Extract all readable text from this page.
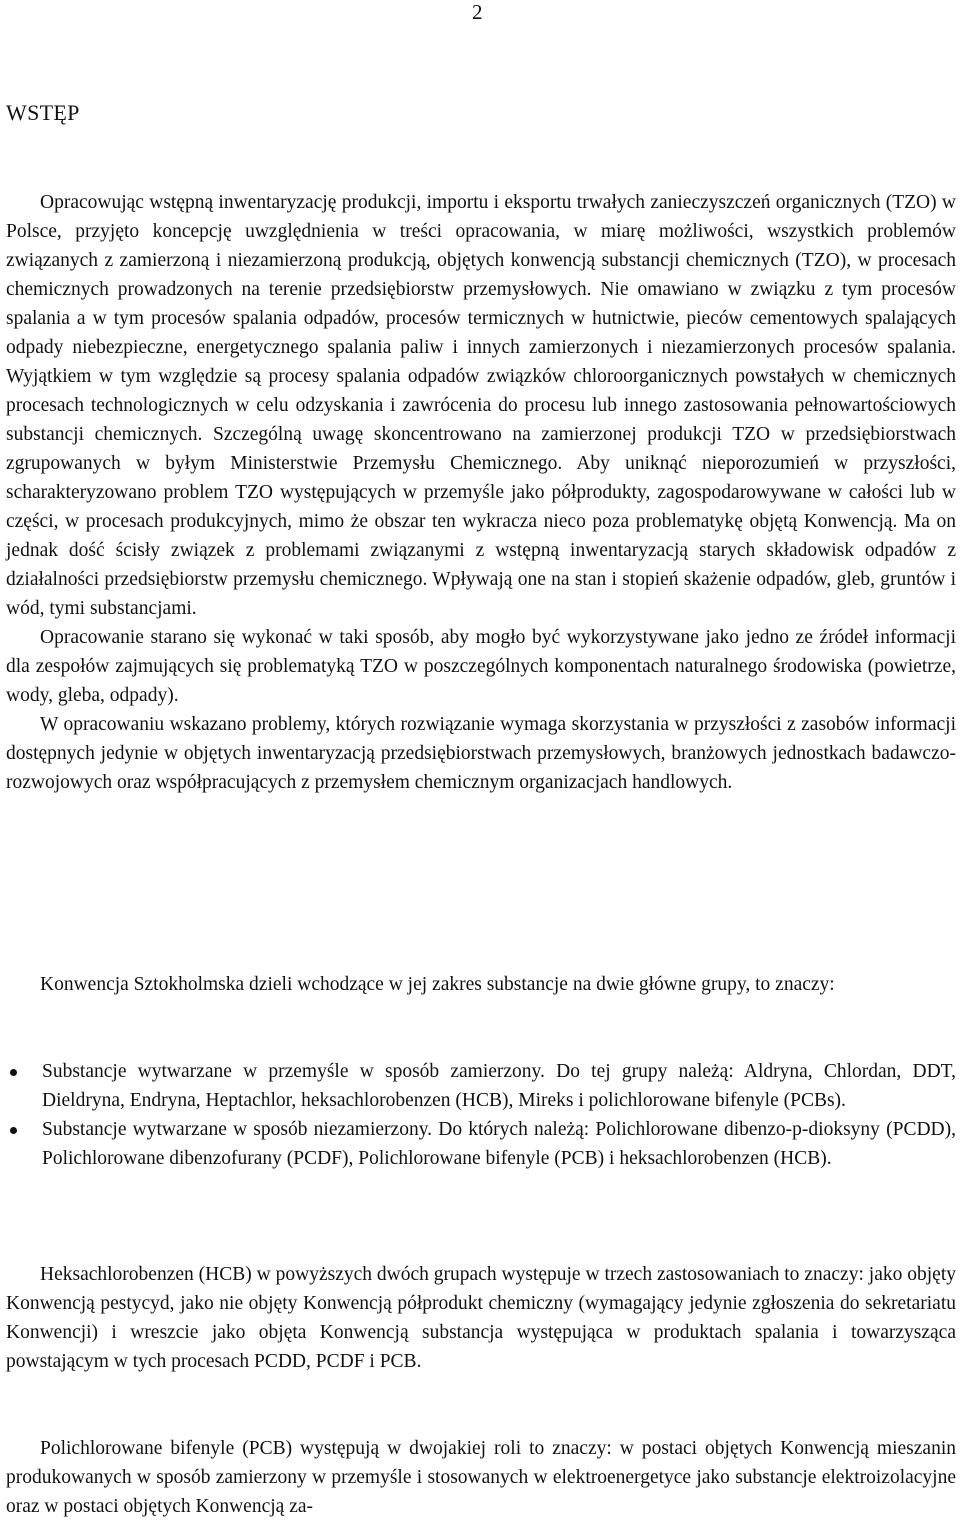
2
WSTĘP

Opracowując wstępną inwentaryzację produkcji, importu i eksportu trwałych zanieczyszczeń organicznych (TZO) w Polsce, przyjęto koncepcję uwzględnienia w treści opracowania, w miarę możliwości, wszystkich problemów związanych z zamierzoną i niezamierzoną produkcją, objętych konwencją substancji chemicznych (TZO), w procesach chemicznych prowadzonych na terenie przedsiębiorstw przemysłowych. Nie omawiano w związku z tym procesów spalania a w tym procesów spalania odpadów, procesów termicznych w hutnictwie, pieców cementowych spalających odpady niebezpieczne, energetycznego spalania paliw i innych zamierzonych i niezamierzonych procesów spalania. Wyjątkiem w tym względzie są procesy spalania odpadów związków chloroorganicznych powstałych w chemicznych procesach technologicznych w celu odzyskania i zawrócenia do procesu lub innego zastosowania pełnowartościowych substancji chemicznych. Szczególną uwagę skoncentrowano na zamierzonej produkcji TZO w przedsiębiorstwach zgrupowanych w byłym Ministerstwie Przemysłu Chemicznego. Aby uniknąć nieporozumień w przyszłości, scharakteryzowano problem TZO występujących w przemyśle jako półprodukty, zagospodarowywane w całości lub w części, w procesach produkcyjnych, mimo że obszar ten wykracza nieco poza problematykę objętą Konwencją. Ma on jednak dość ścisły związek z problemami związanymi z wstępną inwentaryzacją starych składowisk odpadów z działalności przedsiębiorstw przemysłu chemicznego. Wpływają one na stan i stopień skażenie odpadów, gleb, gruntów i wód, tymi substancjami.

Opracowanie starano się wykonać w taki sposób, aby mogło być wykorzystywane jako jedno ze źródeł informacji dla zespołów zajmujących się problematyką TZO w poszczególnych komponentach naturalnego środowiska (powietrze, wody, gleba, odpady).

W opracowaniu wskazano problemy, których rozwiązanie wymaga skorzystania w przyszłości z zasobów informacji dostępnych jedynie w objętych inwentaryzacją przedsiębiorstwach przemysłowych, branżowych jednostkach badawczo-rozwojowych oraz współpracujących z przemysłem chemicznym organizacjach handlowych.

Konwencja Sztokholmska dzieli wchodzące w jej zakres substancje na dwie główne grupy, to znaczy:

Substancje wytwarzane w przemyśle w sposób zamierzony. Do tej grupy należą: Aldryna, Chlordan, DDT, Dieldryna, Endryna, Heptachlor, heksachlorobenzen (HCB), Mireks i polichlorowane bifenyle (PCBs).
Substancje wytwarzane w sposób niezamierzony. Do których należą: Polichlorowane dibenzo-p-dioksyny (PCDD), Polichlorowane dibenzofurany (PCDF), Polichlorowane bifenyle (PCB) i heksachlorobenzen (HCB).

Heksachlorobenzen (HCB) w powyższych dwóch grupach występuje w trzech zastosowaniach to znaczy: jako objęty Konwencją pestycyd, jako nie objęty Konwencją półprodukt chemiczny (wymagający jedynie zgłoszenia do sekretariatu Konwencji) i wreszcie jako objęta Konwencją substancja występująca w produktach spalania i towarzysząca powstającym w tych procesach PCDD, PCDF i PCB.

Polichlorowane bifenyle (PCB) występują w dwojakiej roli to znaczy: w postaci objętych Konwencją mieszanin produkowanych w sposób zamierzony w przemyśle i stosowanych w elektroenergetyce jako substancje elektroizolacyjne oraz w postaci objętych Konwencją za-
